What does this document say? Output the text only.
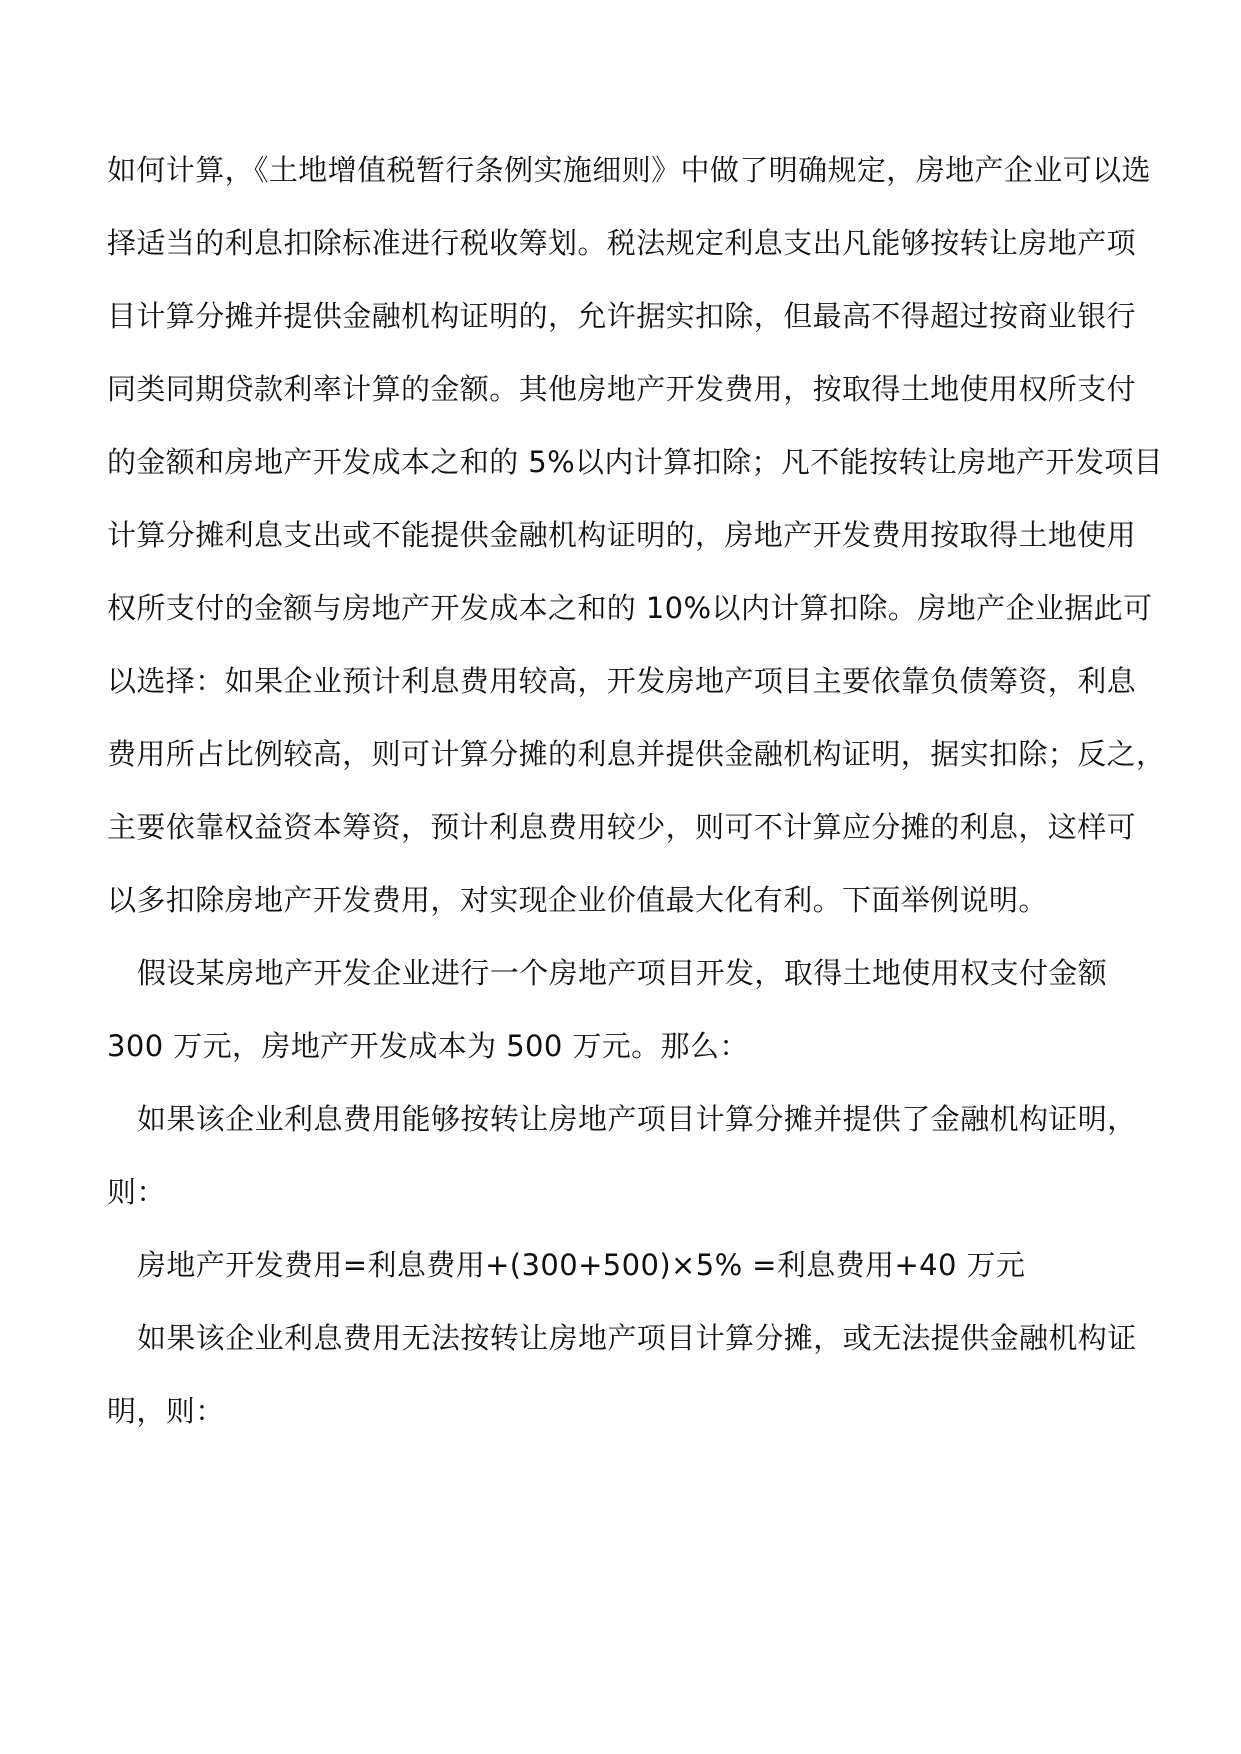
如何计算，《土地增值税暂行条例实施细则》中做了明确规定，房地产企业可以选
择适当的利息扣除标准进行税收筹划。税法规定利息支出凡能够按转让房地产项
目计算分摊并提供金融机构证明的，允许据实扣除，但最高不得超过按商业银行
同类同期贷款利率计算的金额。其他房地产开发费用，按取得土地使用权所支付
的金额和房地产开发成本之和的 5%以内计算扣除；凡不能按转让房地产开发项目
计算分摊利息支出或不能提供金融机构证明的，房地产开发费用按取得土地使用
权所支付的金额与房地产开发成本之和的 10%以内计算扣除。房地产企业据此可
以选择：如果企业预计利息费用较高，开发房地产项目主要依靠负债筹资，利息
费用所占比例较高，则可计算分摊的利息并提供金融机构证明，据实扣除；反之，
主要依靠权益资本筹资，预计利息费用较少，则可不计算应分摊的利息，这样可
以多扣除房地产开发费用，对实现企业价值最大化有利。下面举例说明。
假设某房地产开发企业进行一个房地产项目开发，取得土地使用权支付金额
300 万元，房地产开发成本为 500 万元。那么：
如果该企业利息费用能够按转让房地产项目计算分摊并提供了金融机构证明，
则：
房地产开发费用=利息费用+(300+500)×5% =利息费用+40 万元
如果该企业利息费用无法按转让房地产项目计算分摊，或无法提供金融机构证
明，则：
